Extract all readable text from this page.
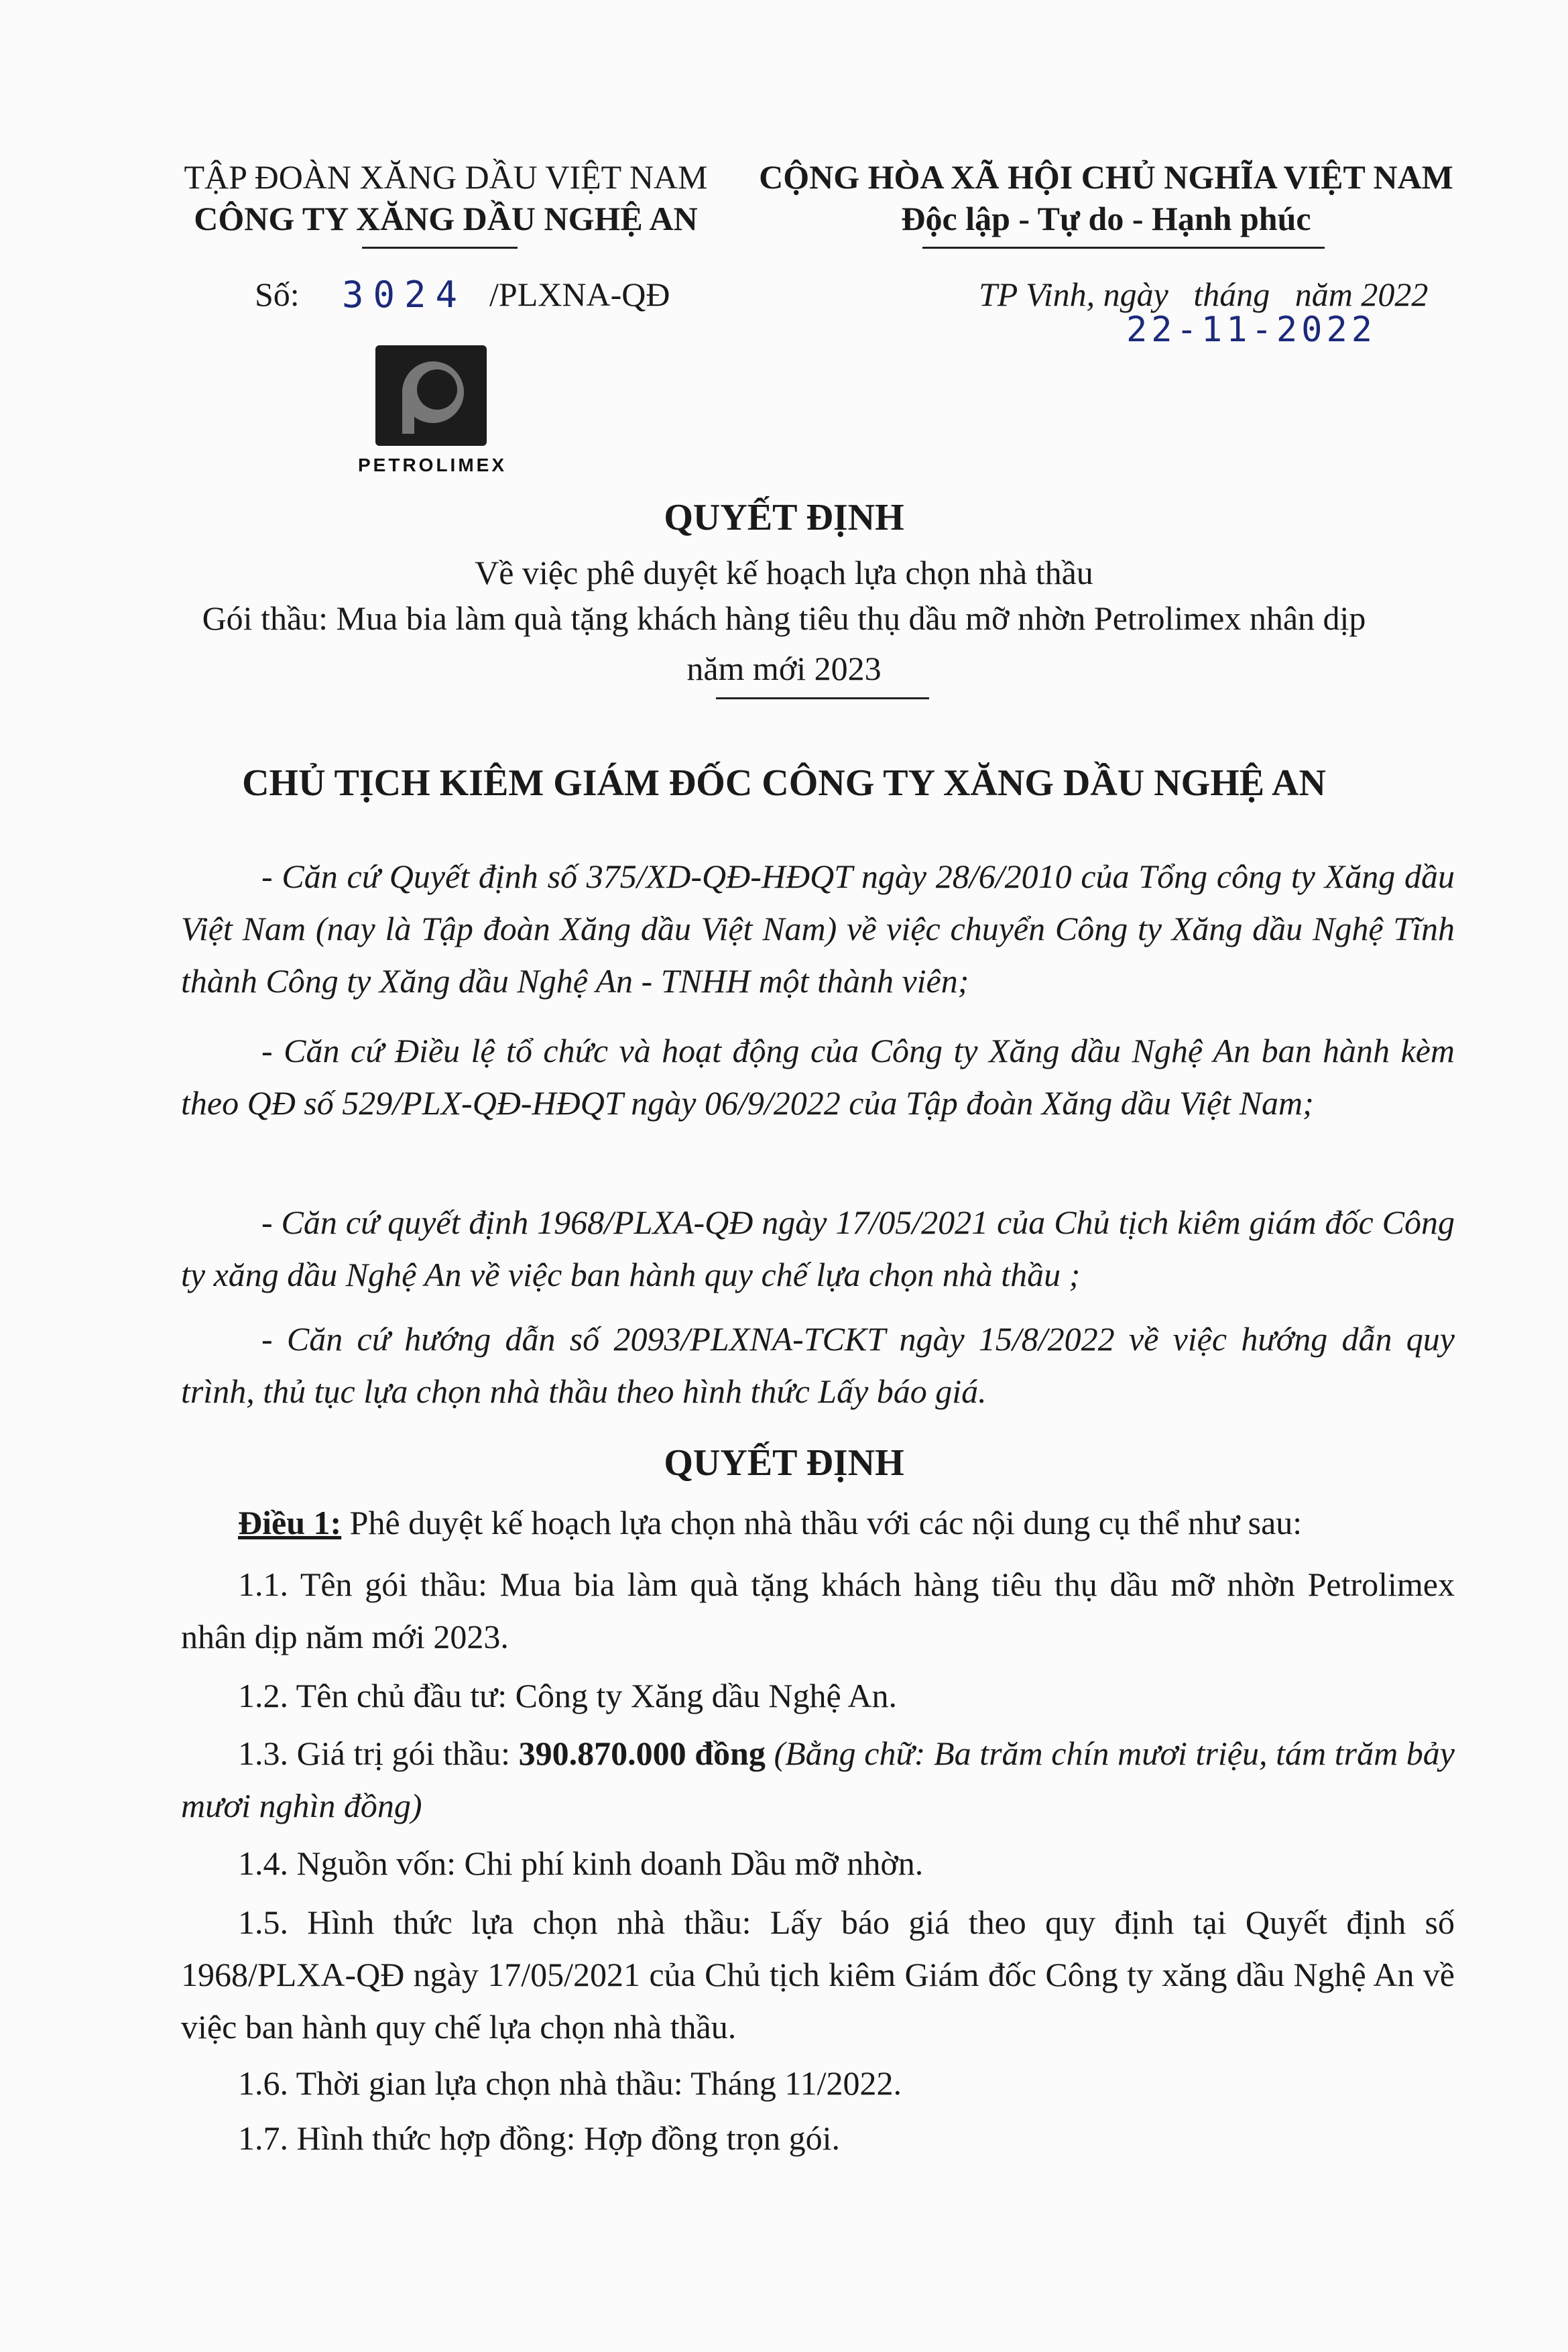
TẬP ĐOÀN XĂNG DẦU VIỆT NAM
CÔNG TY XĂNG DẦU NGHỆ AN
CỘNG HÒA XÃ HỘI CHỦ NGHĨA VIỆT NAM
Độc lập - Tự do - Hạnh phúc
Số: 3024 /PLXNA-QĐ	TP Vinh, ngày   tháng   năm 2022
22-11-2022
PETROLIMEX
QUYẾT ĐỊNH
Về việc phê duyệt kế hoạch lựa chọn nhà thầu
Gói thầu: Mua bia làm quà tặng khách hàng tiêu thụ dầu mỡ nhờn Petrolimex nhân dịp
năm mới 2023
CHỦ TỊCH KIÊM GIÁM ĐỐC CÔNG TY XĂNG DẦU NGHỆ AN
- Căn cứ Quyết định số 375/XD-QĐ-HĐQT ngày 28/6/2010 của Tổng công ty Xăng dầu Việt Nam (nay là Tập đoàn Xăng dầu Việt Nam) về việc chuyển Công ty Xăng dầu Nghệ Tĩnh thành Công ty Xăng dầu Nghệ An - TNHH một thành viên;
- Căn cứ Điều lệ tổ chức và hoạt động của Công ty Xăng dầu Nghệ An ban hành kèm theo QĐ số 529/PLX-QĐ-HĐQT ngày 06/9/2022 của Tập đoàn Xăng dầu Việt Nam;
- Căn cứ quyết định 1968/PLXA-QĐ ngày 17/05/2021 của Chủ tịch kiêm giám đốc Công ty xăng dầu Nghệ An về việc ban hành quy chế lựa chọn nhà thầu ;
- Căn cứ hướng dẫn số 2093/PLXNA-TCKT ngày 15/8/2022 về việc hướng dẫn quy trình, thủ tục lựa chọn nhà thầu theo hình thức Lấy báo giá.
QUYẾT ĐỊNH
Điều 1: Phê duyệt kế hoạch lựa chọn nhà thầu với các nội dung cụ thể như sau:
1.1. Tên gói thầu: Mua bia làm quà tặng khách hàng tiêu thụ dầu mỡ nhờn Petrolimex nhân dịp năm mới 2023.
1.2. Tên chủ đầu tư: Công ty Xăng dầu Nghệ An.
1.3. Giá trị gói thầu: 390.870.000 đồng (Bằng chữ: Ba trăm chín mươi triệu, tám trăm bảy mươi nghìn đồng)
1.4. Nguồn vốn: Chi phí kinh doanh Dầu mỡ nhờn.
1.5. Hình thức lựa chọn nhà thầu: Lấy báo giá theo quy định tại Quyết định số 1968/PLXA-QĐ ngày 17/05/2021 của Chủ tịch kiêm Giám đốc Công ty xăng dầu Nghệ An về việc ban hành quy chế lựa chọn nhà thầu.
1.6. Thời gian lựa chọn nhà thầu: Tháng 11/2022.
1.7. Hình thức hợp đồng: Hợp đồng trọn gói.
